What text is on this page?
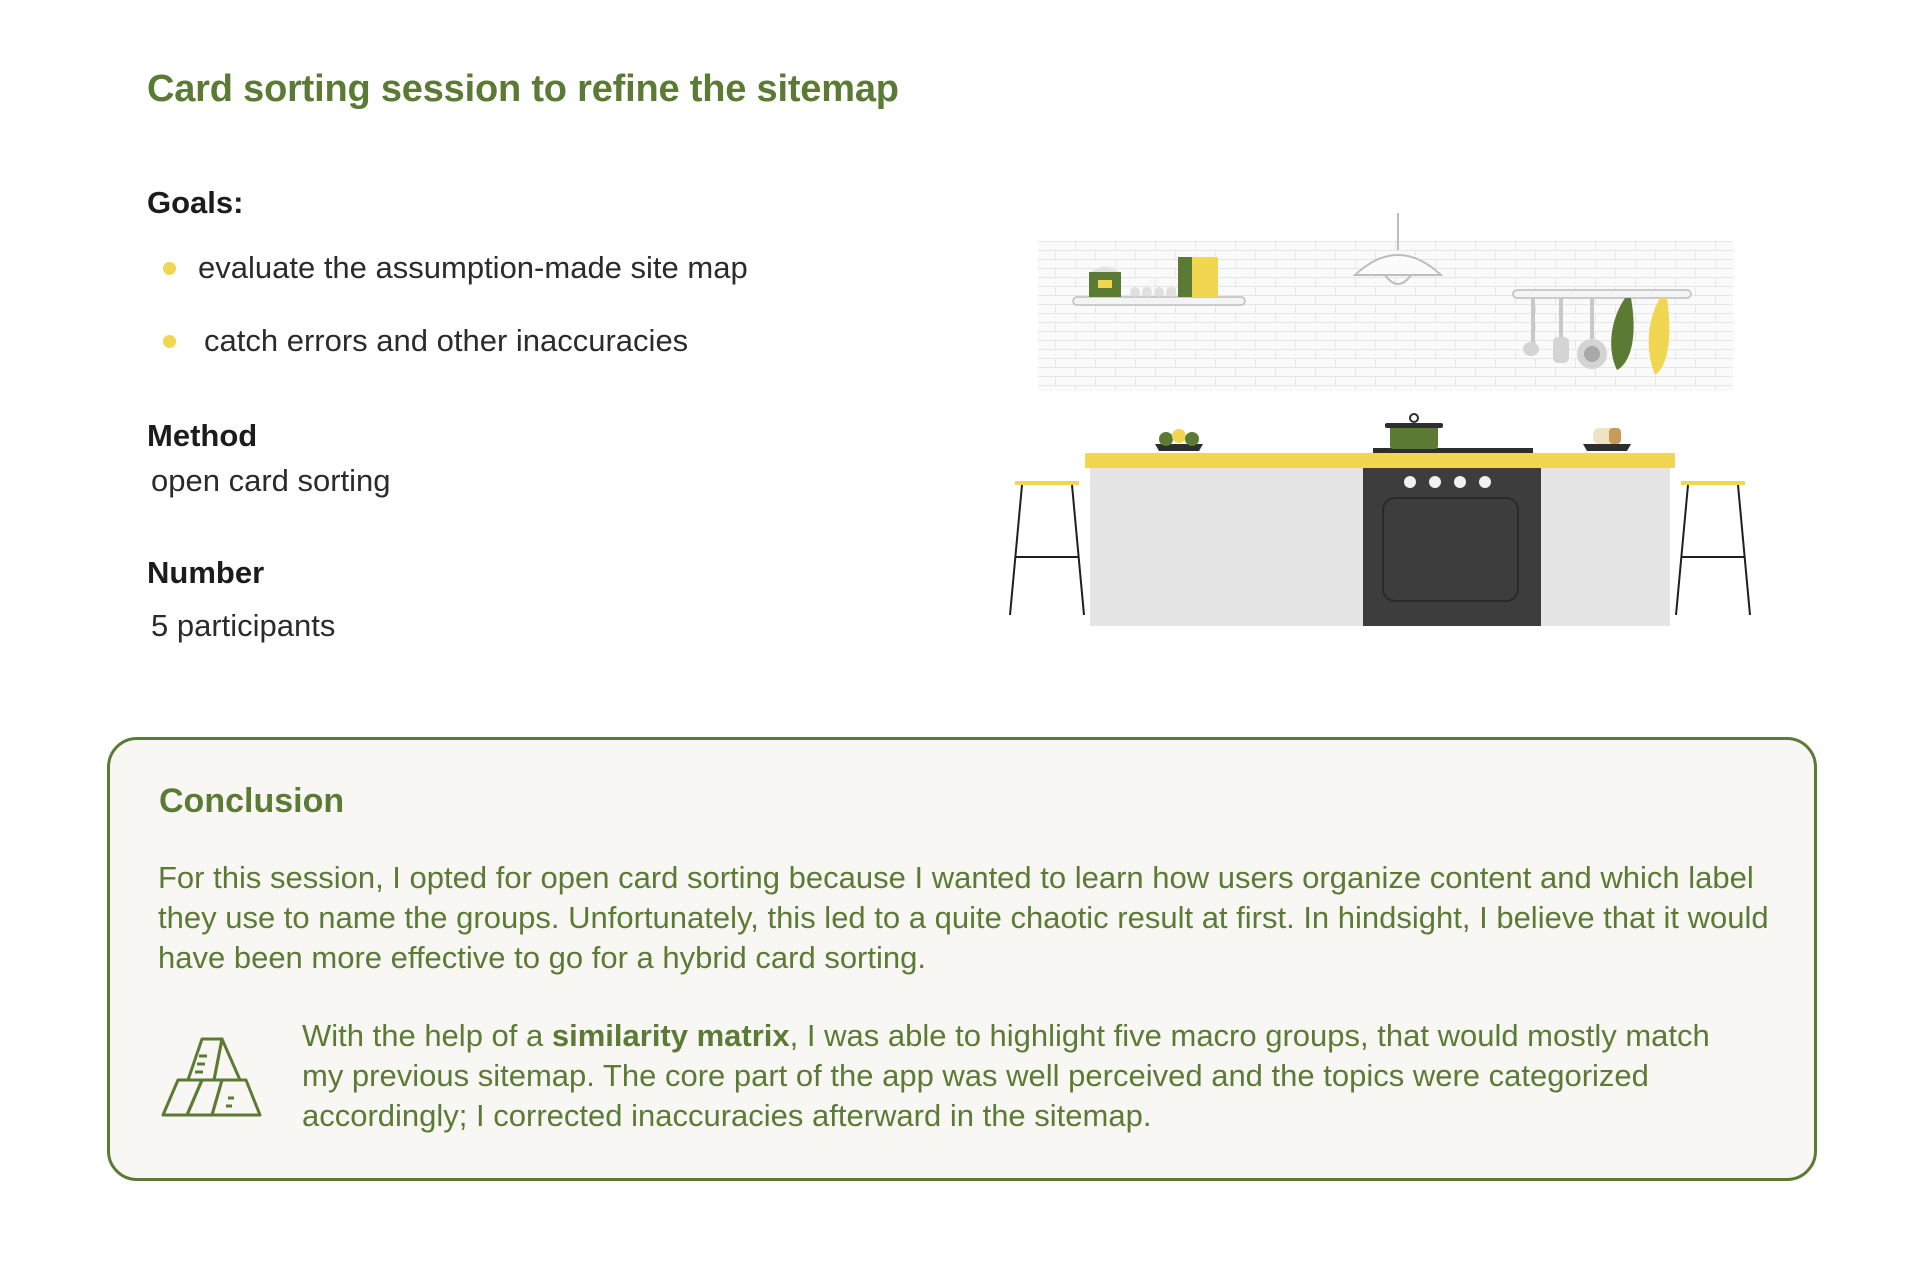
Card sorting session to refine the sitemap
Goals:
evaluate the assumption-made site map
catch errors and other inaccuracies
Method
open card sorting
Number
5 participants
Conclusion

For this session, I opted for open card sorting because I wanted to learn how users organize content and which label they use to name the groups. Unfortunately, this led to a quite chaotic result at first. In hindsight, I believe that it would have been more effective to go for a hybrid card sorting.

With the help of a similarity matrix, I was able to highlight five macro groups, that would mostly match my previous sitemap. The core part of the app was well perceived and the topics were categorized accordingly; I corrected inaccuracies afterward in the sitemap.
